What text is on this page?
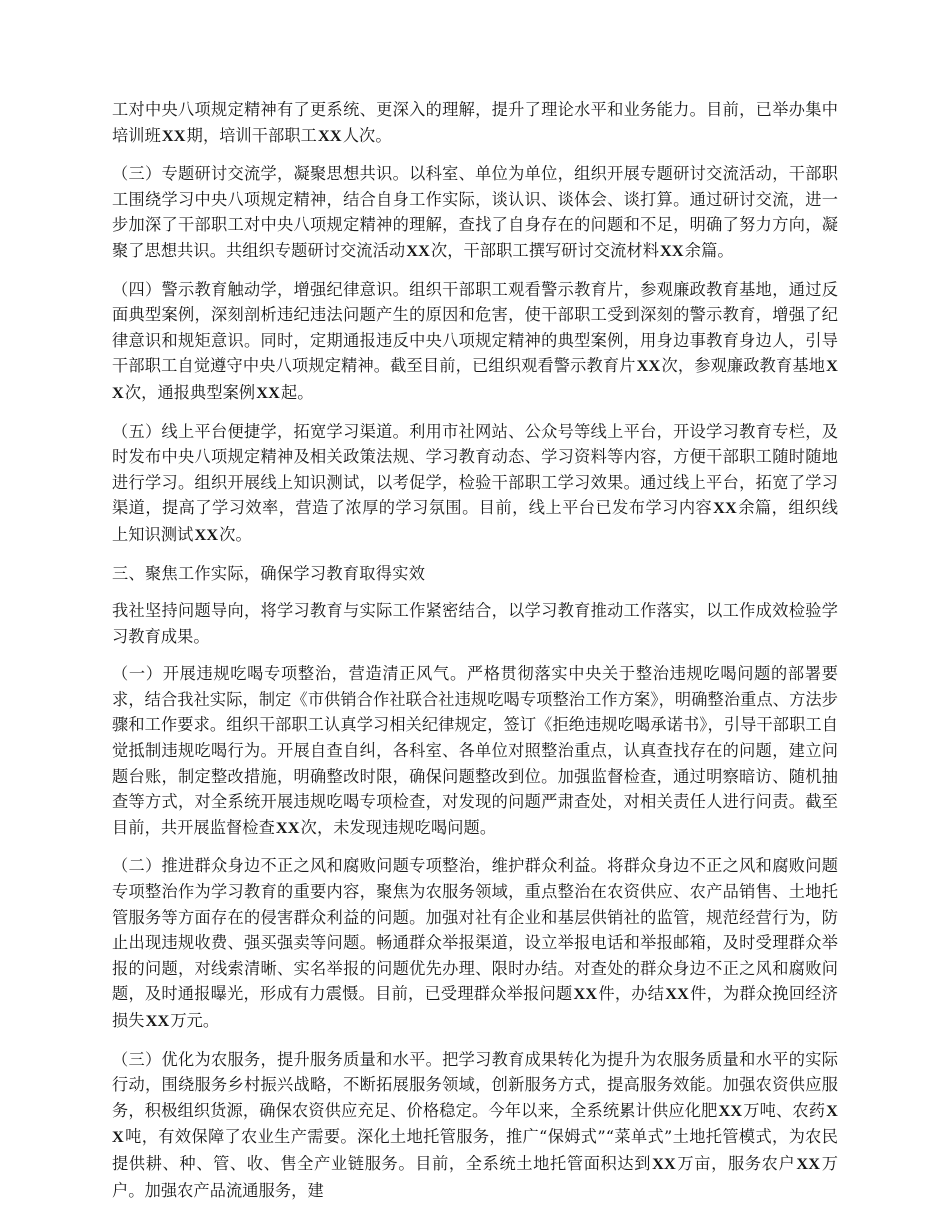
工对中央八项规定精神有了更系统、更深入的理解，提升了理论水平和业务能力。目前，已举办集中培训班XX期，培训干部职工XX人次。

（三）专题研讨交流学，凝聚思想共识。以科室、单位为单位，组织开展专题研讨交流活动，干部职工围绕学习中央八项规定精神，结合自身工作实际，谈认识、谈体会、谈打算。通过研讨交流，进一步加深了干部职工对中央八项规定精神的理解，查找了自身存在的问题和不足，明确了努力方向，凝聚了思想共识。共组织专题研讨交流活动XX次，干部职工撰写研讨交流材料XX余篇。

（四）警示教育触动学，增强纪律意识。组织干部职工观看警示教育片，参观廉政教育基地，通过反面典型案例，深刻剖析违纪违法问题产生的原因和危害，使干部职工受到深刻的警示教育，增强了纪律意识和规矩意识。同时，定期通报违反中央八项规定精神的典型案例，用身边事教育身边人，引导干部职工自觉遵守中央八项规定精神。截至目前，已组织观看警示教育片XX次，参观廉政教育基地XX次，通报典型案例XX起。

（五）线上平台便捷学，拓宽学习渠道。利用市社网站、公众号等线上平台，开设学习教育专栏，及时发布中央八项规定精神及相关政策法规、学习教育动态、学习资料等内容，方便干部职工随时随地进行学习。组织开展线上知识测试，以考促学，检验干部职工学习效果。通过线上平台，拓宽了学习渠道，提高了学习效率，营造了浓厚的学习氛围。目前，线上平台已发布学习内容XX余篇，组织线上知识测试XX次。

三、聚焦工作实际，确保学习教育取得实效

我社坚持问题导向，将学习教育与实际工作紧密结合，以学习教育推动工作落实，以工作成效检验学习教育成果。

（一）开展违规吃喝专项整治，营造清正风气。严格贯彻落实中央关于整治违规吃喝问题的部署要求，结合我社实际，制定《市供销合作社联合社违规吃喝专项整治工作方案》，明确整治重点、方法步骤和工作要求。组织干部职工认真学习相关纪律规定，签订《拒绝违规吃喝承诺书》，引导干部职工自觉抵制违规吃喝行为。开展自查自纠，各科室、各单位对照整治重点，认真查找存在的问题，建立问题台账，制定整改措施，明确整改时限，确保问题整改到位。加强监督检查，通过明察暗访、随机抽查等方式，对全系统开展违规吃喝专项检查，对发现的问题严肃查处，对相关责任人进行问责。截至目前，共开展监督检查XX次，未发现违规吃喝问题。

（二）推进群众身边不正之风和腐败问题专项整治，维护群众利益。将群众身边不正之风和腐败问题专项整治作为学习教育的重要内容，聚焦为农服务领域，重点整治在农资供应、农产品销售、土地托管服务等方面存在的侵害群众利益的问题。加强对社有企业和基层供销社的监管，规范经营行为，防止出现违规收费、强买强卖等问题。畅通群众举报渠道，设立举报电话和举报邮箱，及时受理群众举报的问题，对线索清晰、实名举报的问题优先办理、限时办结。对查处的群众身边不正之风和腐败问题，及时通报曝光，形成有力震慑。目前，已受理群众举报问题XX件，办结XX件，为群众挽回经济损失XX万元。

（三）优化为农服务，提升服务质量和水平。把学习教育成果转化为提升为农服务质量和水平的实际行动，围绕服务乡村振兴战略，不断拓展服务领域，创新服务方式，提高服务效能。加强农资供应服务，积极组织货源，确保农资供应充足、价格稳定。今年以来，全系统累计供应化肥XX万吨、农药XX吨，有效保障了农业生产需要。深化土地托管服务，推广“保姆式”“菜单式”土地托管模式，为农民提供耕、种、管、收、售全产业链服务。目前，全系统土地托管面积达到XX万亩，服务农户XX万户。加强农产品流通服务，建
